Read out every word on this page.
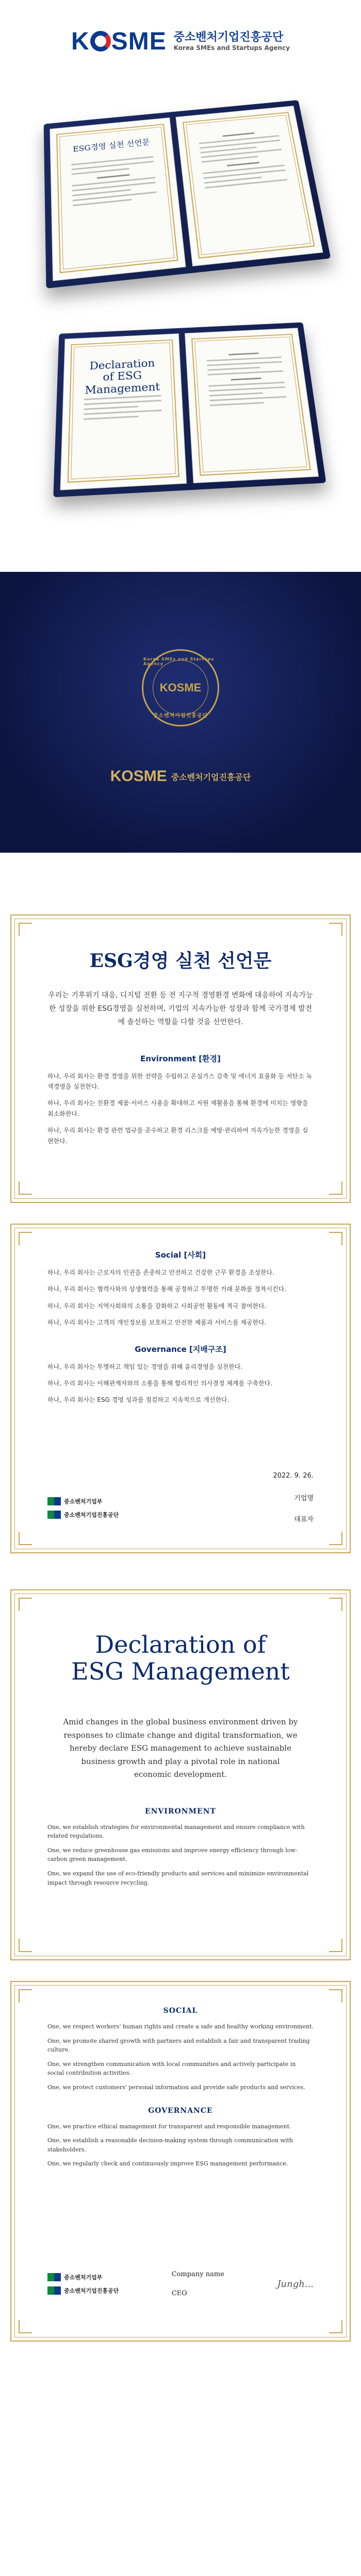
K SME 중소벤처기업진흥공단
Korea SMEs and Startups Agency
ESG경영 실천 선언문
Declaration of ESG Management
Korea SMEs and Startups Agency
KOSME
중소벤처기업진흥공단
KOSME 중소벤처기업진흥공단
ESG경영 실천 선언문
우리는 기후위기 대응, 디지털 전환 등 전 지구적 경영환경 변화에 대응하여 지속가능한 성장을 위한 ESG경영을 실천하며, 기업의 지속가능한 성장과 함께 국가경제 발전에 솔선하는 역할을 다할 것을 선언한다.
Environment [환경]
하나, 우리 회사는 환경 경영을 위한 전략을 수립하고 온실가스 감축 및 에너지 효율화 등 저탄소 녹색경영을 실천한다.
하나, 우리 회사는 친환경 제품·서비스 사용을 확대하고 자원 재활용을 통해 환경에 미치는 영향을 최소화한다.
하나, 우리 회사는 환경 관련 법규를 준수하고 환경 리스크를 예방·관리하여 지속가능한 경영을 실현한다.
Social [사회]
하나, 우리 회사는 근로자의 인권을 존중하고 안전하고 건강한 근무 환경을 조성한다.
하나, 우리 회사는 협력사와의 상생협력을 통해 공정하고 투명한 거래 문화를 정착시킨다.
하나, 우리 회사는 지역사회와의 소통을 강화하고 사회공헌 활동에 적극 참여한다.
하나, 우리 회사는 고객의 개인정보를 보호하고 안전한 제품과 서비스를 제공한다.
Governance [지배구조]
하나, 우리 회사는 투명하고 책임 있는 경영을 위해 윤리경영을 실천한다.
하나, 우리 회사는 이해관계자와의 소통을 통해 합리적인 의사결정 체계를 구축한다.
하나, 우리 회사는 ESG 경영 성과를 점검하고 지속적으로 개선한다.
2022. 9. 26.
중소벤처기업부
중소벤처기업진흥공단
기업명
대표자
Declaration of
ESG Management
Amid changes in the global business environment driven by responses to climate change and digital transformation, we hereby declare ESG management to achieve sustainable business growth and play a pivotal role in national economic development.
ENVIRONMENT
One, we establish strategies for environmental management and ensure compliance with related regulations.
One, we reduce greenhouse gas emissions and improve energy efficiency through low-carbon green management.
One, we expand the use of eco-friendly products and services and minimize environmental impact through resource recycling.
SOCIAL
One, we respect workers' human rights and create a safe and healthy working environment.
One, we promote shared growth with partners and establish a fair and transparent trading culture.
One, we strengthen communication with local communities and actively participate in social contribution activities.
One, we protect customers' personal information and provide safe products and services.
GOVERNANCE
One, we practice ethical management for transparent and responsible management.
One, we establish a reasonable decision-making system through communication with stakeholders.
One, we regularly check and continuously improve ESG management performance.
중소벤처기업부
중소벤처기업진흥공단
Company name
CEO
Jungh...
